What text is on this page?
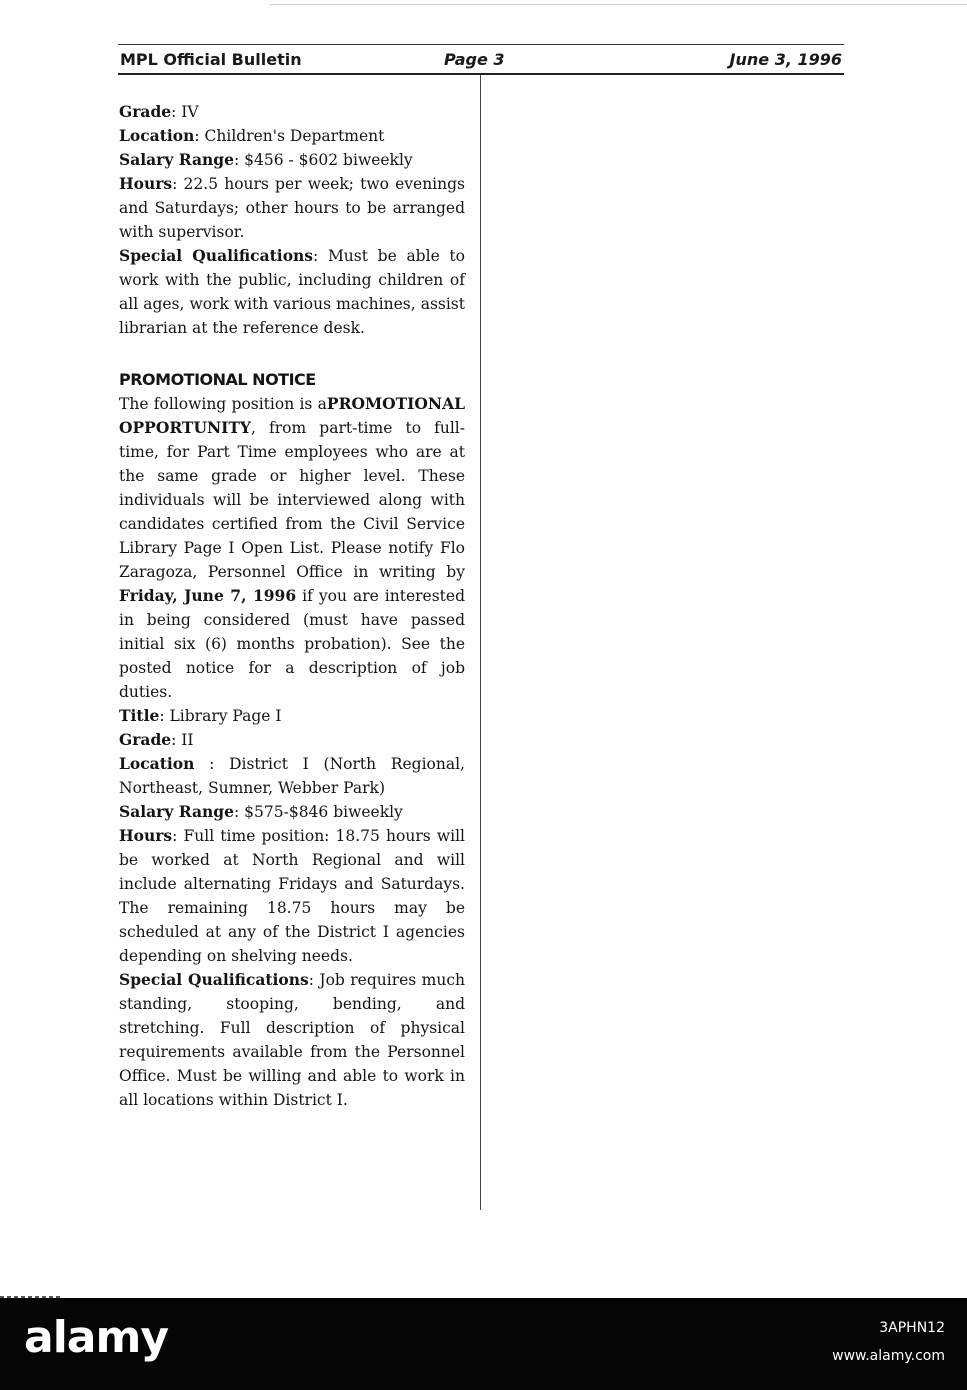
MPL Official Bulletin	Page 3	June 3, 1996

Grade: IV

Location: Children's Department

Salary Range: $456 - $602 biweekly

Hours: 22.5 hours per week; two evenings and Saturdays; other hours to be arranged with supervisor.

Special Qualifications: Must be able to work with the public, including children of all ages, work with various machines, assist librarian at the reference desk.

PROMOTIONAL NOTICE

The following position is aPROMOTIONAL OPPORTUNITY, from part-time to full-time, for Part Time employees who are at the same grade or higher level. These individuals will be interviewed along with candidates certified from the Civil Service Library Page I Open List. Please notify Flo Zaragoza, Personnel Office in writing by Friday, June 7, 1996 if you are interested in being considered (must have passed initial six (6) months probation). See the posted notice for a description of job duties.

Title: Library Page I

Grade: II

Location : District I (North Regional, Northeast, Sumner, Webber Park)

Salary Range: $575-$846 biweekly

Hours: Full time position: 18.75 hours will be worked at North Regional and will include alternating Fridays and Saturdays. The remaining 18.75 hours may be scheduled at any of the District I agencies depending on shelving needs.

Special Qualifications: Job requires much standing, stooping, bending, and stretching. Full description of physical requirements available from the Personnel Office. Must be willing and able to work in all locations within District I.

alamy	3APHN12
www.alamy.com
